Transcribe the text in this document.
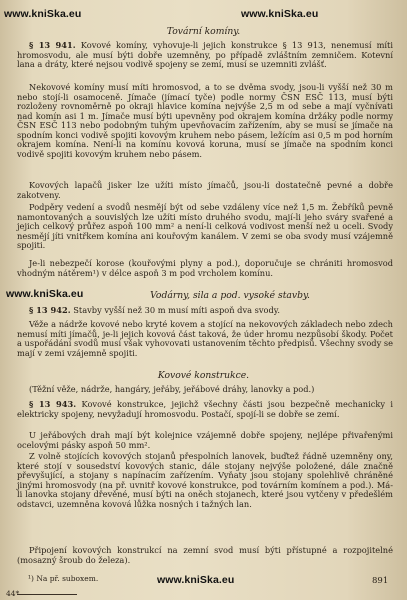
www.kniSka.eu	www.kniSka.eu

Tovární komíny.

§ 13 941. Kovové komíny, vyhovuje-li jejich konstrukce § 13 913, nenemusí míti hromosvodu, ale musí býti dobře uzemněny, po případě zvláštním zemničem. Kotevní lana a dráty, které nejsou vodivě spojeny se zemí, musí se uzemniti zvlášť.

Nekovové komíny musí míti hromosvod, a to se dvěma svody, jsou-li vyšší než 30 m nebo stojí-li osamoceně. Jímače (jímací tyče) podle normy ČSN ESČ 113, musí býti rozloženy rovnoměrně po okraji hlavice komína nejvýše 2,5 m od sebe a mají vyčnívati nad komín asi 1 m. Jímače musí býti upevněny pod okrajem komína držáky podle normy ČSN ESČ 113 nebo podobným tuhým upevňovacím zařízením, aby se musí se jímače na spodním konci vodivě spojiti kovovým kruhem nebo pásem, ležícím asi 0,5 m pod horním okrajem komína. Není-li na komínu kovová koruna, musí se jímače na spodním konci vodivě spojiti kovovým kruhem nebo pásem.

Kovových lapačů jisker lze užíti místo jímačů, jsou-li dostatečně pevné a dobře zakotveny.

Podpěry vedení a svodů nesmějí být od sebe vzdáleny více než 1,5 m. Žebříků pevně namontovaných a souvislých lze užíti místo druhého svodu, mají-li jeho sváry svařené a jejich celkový průřez aspoň 100 mm² a není-li celková vodivost menší než u oceli. Svody nesmějí jíti vnitřkem komína ani kouřovým kanálem. V zemi se oba svody musí vzájemně spojiti.

Je-li nebezpečí korose (kouřovými plyny a pod.), doporučuje se chrániti hromosvod vhodným nátěrem¹) v délce aspoň 3 m pod vrcholem komínu.

www.kniSka.eu	Vodárny, sila a pod. vysoké stavby.

§ 13 942. Stavby vyšší než 30 m musí míti aspoň dva svody.

Věže a nádrže kovové nebo kryté kovem a stojící na nekovových základech nebo zdech nemusí míti jímačů, je-li jejich kovová část taková, že úder hromu nezpůsobí škody. Počet a uspořádání svodů musí však vyhovovati ustanovením těchto předpisů. Všechny svody se mají v zemi vzájemně spojiti.

Kovové konstrukce.

(Těžní věže, nádrže, hangáry, jeřáby, jeřábové dráhy, lanovky a pod.)

§ 13 943. Kovové konstrukce, jejichž všechny části jsou bezpečně mechanicky i elektricky spojeny, nevyžadují hromosvodu. Postačí, spojí-li se dobře se zemí.

U jeřábových drah mají být kolejnice vzájemně dobře spojeny, nejlépe přivařenými ocelovými pásky aspoň 50 mm².

Z volně stojících kovových stojanů přespolních lanovek, buďtež řádně uzemněny ony, které stojí v sousedství kovových stanic, dále stojany nejvýše položené, dále značně převyšující, a stojany s napínacím zařízením. Vyňaty jsou stojany spolehlivě chráněné jinými hromosvody (na př. uvnitř kovové konstrukce, pod továrním komínem a pod.). Má-li lanovka stojany dřevěné, musí býti na oněch stojanech, které jsou vytčeny v předešlém odstavci, uzemněna kovová lůžka nosných i tažných lan.

Připojení kovových konstrukcí na zemní svod musí býti přístupné a rozpojitelné (mosazný šroub do železa).

¹) Na př. suboxem.
44*
www.kniSka.eu	891
